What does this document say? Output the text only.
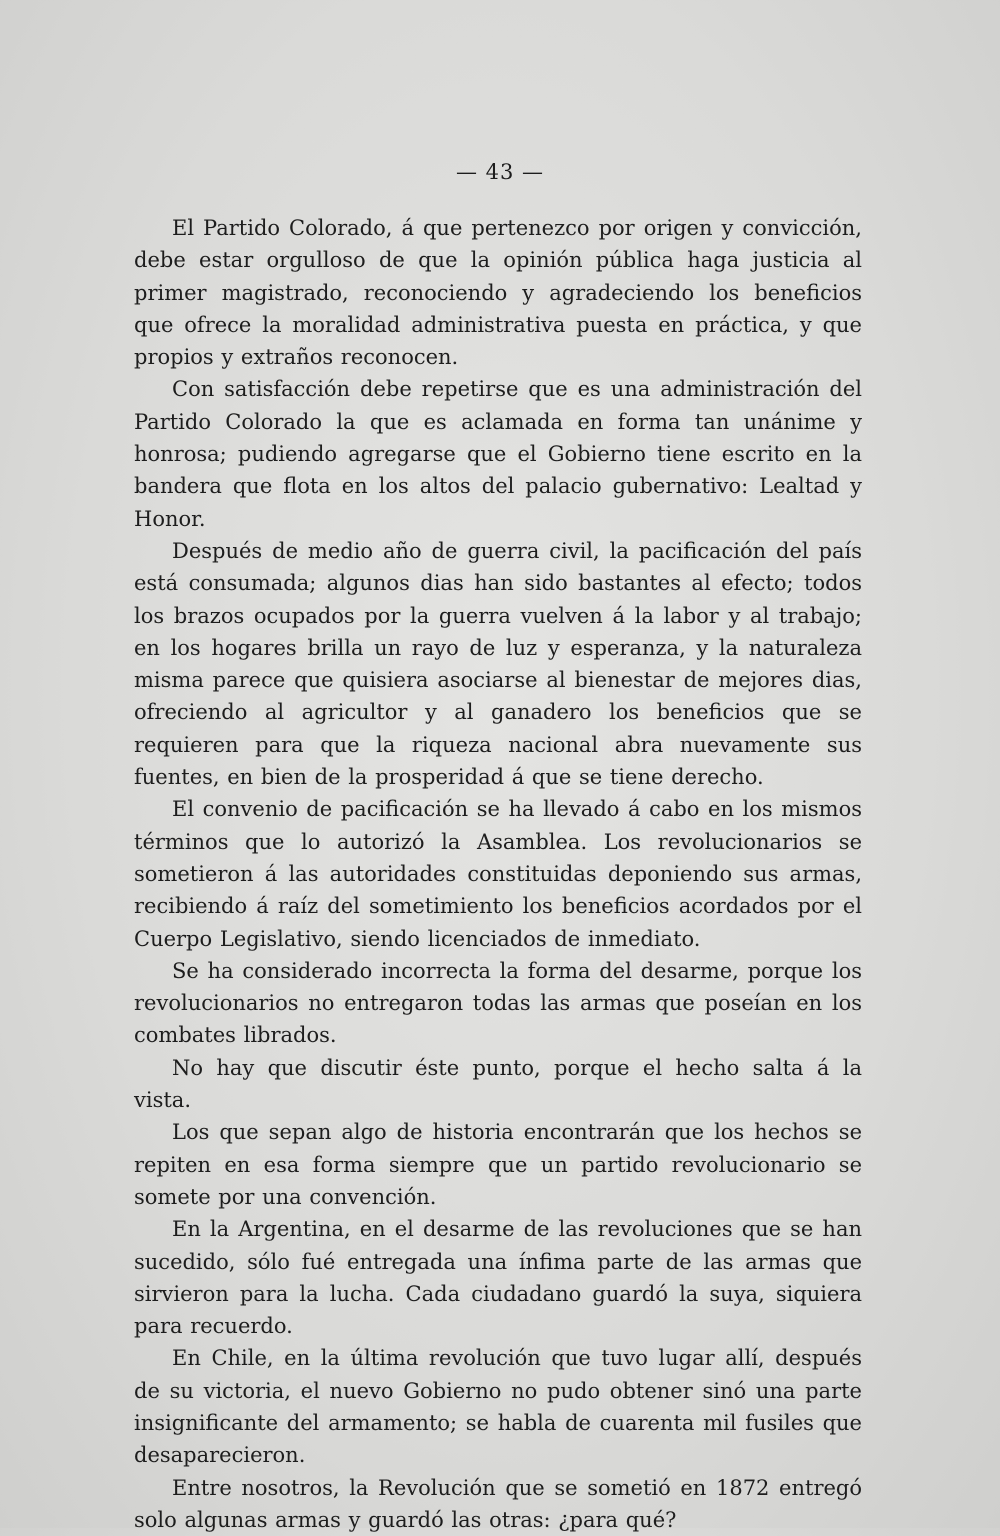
— 43 —

El Partido Colorado, á que pertenezco por origen y convicción, debe estar orgulloso de que la opinión pública haga justicia al primer magistrado, reconociendo y agradeciendo los beneficios que ofrece la moralidad administrativa puesta en práctica, y que propios y extraños reconocen.

Con satisfacción debe repetirse que es una administración del Partido Colorado la que es aclamada en forma tan unánime y honrosa; pudiendo agregarse que el Gobierno tiene escrito en la bandera que flota en los altos del palacio gubernativo: Lealtad y Honor.

Después de medio año de guerra civil, la pacificación del país está consumada; algunos dias han sido bastantes al efecto; todos los brazos ocupados por la guerra vuelven á la labor y al trabajo; en los hogares brilla un rayo de luz y esperanza, y la naturaleza misma parece que quisiera asociarse al bienestar de mejores dias, ofreciendo al agricultor y al ganadero los beneficios que se requieren para que la riqueza nacional abra nuevamente sus fuentes, en bien de la prosperidad á que se tiene derecho.

El convenio de pacificación se ha llevado á cabo en los mismos términos que lo autorizó la Asamblea. Los revolucionarios se sometieron á las autoridades constituidas deponiendo sus armas, recibiendo á raíz del sometimiento los beneficios acordados por el Cuerpo Legislativo, siendo licenciados de inmediato.

Se ha considerado incorrecta la forma del desarme, porque los revolucionarios no entregaron todas las armas que poseían en los combates librados.

No hay que discutir éste punto, porque el hecho salta á la vista.

Los que sepan algo de historia encontrarán que los hechos se repiten en esa forma siempre que un partido revolucionario se somete por una convención.

En la Argentina, en el desarme de las revoluciones que se han sucedido, sólo fué entregada una ínfima parte de las armas que sirvieron para la lucha. Cada ciudadano guardó la suya, siquiera para recuerdo.

En Chile, en la última revolución que tuvo lugar allí, después de su victoria, el nuevo Gobierno no pudo obtener sinó una parte insignificante del armamento; se habla de cuarenta mil fusiles que desaparecieron.

Entre nosotros, la Revolución que se sometió en 1872 entregó solo algunas armas y guardó las otras: ¿para qué?
